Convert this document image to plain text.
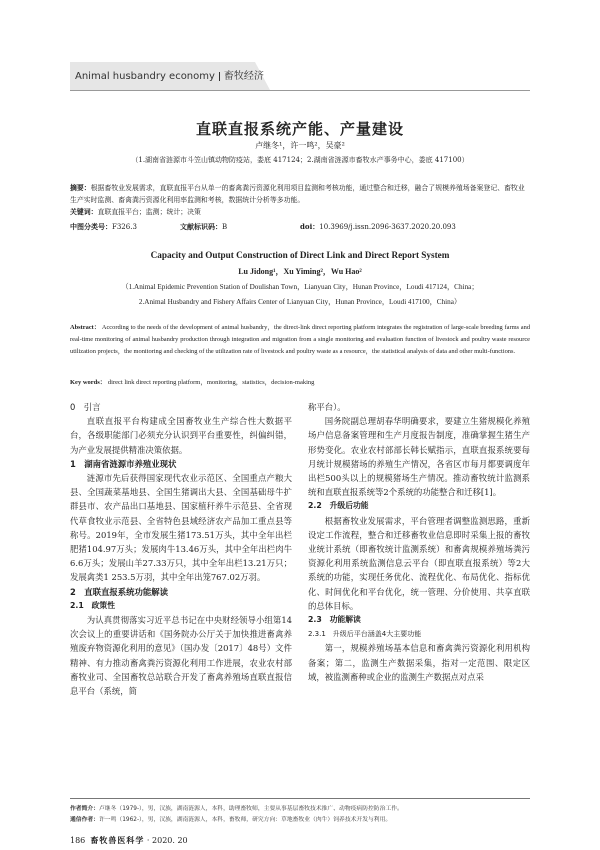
Animal husbandry economy 畜牧经济
直联直报系统产能、产量建设
卢继冬¹，许一鸣²，吴豪²
（1.湖南省涟源市斗笠山镇动物防疫站，娄底 417124；2.湖南省涟源市畜牧水产事务中心，娄底 417100）
摘要：根据畜牧业发展需求，直联直报平台从单一的畜禽粪污资源化利用项目监测和考核功能，通过整合和迁移，融合了规模养殖场备案登记、畜牧业生产实时监测、畜禽粪污资源化利用率监测和考核，数据统计分析等多功能。
关键词：直联直报平台；监测；统计；决策
中图分类号：F326.3	文献标识码：B	doi：10.3969/j.issn.2096-3637.2020.20.093
Capacity and Output Construction of Direct Link and Direct Report System
Lu Jidong¹，Xu Yiming²，Wu Hao²
（1.Animal Epidemic Prevention Station of Doulishan Town，Lianyuan City，Hunan Province，Loudi 417124，China；
2.Animal Husbandry and Fishery Affairs Center of Lianyuan City，Hunan Province，Loudi 417100，China）
Abstract： According to the needs of the development of animal husbandry，the direct-link direct reporting platform integrates the registration of large-scale breeding farms and real-time monitoring of animal husbandry production through integration and migration from a single monitoring and evaluation function of livestock and poultry waste resource utilization projects，the monitoring and checking of the utilization rate of livestock and poultry waste as a resource，the statistical analysis of data and other multi-functions.
Key words： direct link direct reporting platform，monitoring，statistics，decision-making
0　引言

直联直报平台构建成全国畜牧业生产综合性大数据平台，各级职能部门必须充分认识到平台重要性，纠偏纠错，为产业发展提供精准决策依据。

1　湖南省涟源市养殖业现状

涟源市先后获得国家现代农业示范区、全国重点产粮大县、全国蔬菜基地县、全国生猪调出大县、全国基础母牛扩群县市、农产品出口基地县、国家植秆养牛示范县、全省现代草食牧业示范县、全省特色县域经济农产品加工重点县等称号。2019年，全市发展生猪173.51万头，其中全年出栏肥猪104.97万头；发展肉牛13.46万头，其中全年出栏肉牛6.6万头；发展山羊27.33万只，其中全年出栏13.21万只；发展禽类1 253.5万羽，其中全年出笼767.02万羽。

2　直联直报系统功能解读
2.1　政策性

为认真贯彻落实习近平总书记在中央财经领导小组第14次会议上的重要讲话和《国务院办公厅关于加快推进畜禽养殖废弃物资源化利用的意见》（国办发〔2017〕48号）文件精神、有力推动畜禽粪污资源化利用工作进展，农业农村部畜牧业司、全国畜牧总站联合开发了畜禽养殖场直联直报信息平台（系统，简

称平台）。

国务院副总理胡春华明确要求，要建立生猪规模化养殖场户信息备案管理和生产月度报告制度，准确掌握生猪生产形势变化。农业农村部部长韩长赋指示，直联直报系统要每月统计规模猪场的养殖生产情况，各省区市每月都要调度年出栏500头以上的规模猪场生产情况。推动畜牧统计监测系统和直联直报系统等2个系统的功能整合和迁移[1]。

2.2　升级后功能

根据畜牧业发展需求，平台管理者调整监测思路，重新设定工作流程，整合和迁移畜牧业信息即时采集上报的畜牧业统计系统（即畜牧统计监测系统）和畜禽规模养殖场粪污资源化利用系统监测信息云平台（即直联直报系统）等2大系统的功能，实现任务优化、流程优化、布局优化、指标优化、时间优化和平台优化，统一管理、分价使用、共享直联的总体目标。

2.3　功能解读
2.3.1　升级后平台涵盖4大主要功能

第一，规模养殖场基本信息和畜禽粪污资源化利用机构备案；第二，监测生产数据采集，指对一定范围、限定区域，被监测畜种或企业的监测生产数据点对点采

作者简介：卢继冬（1979-），男，汉族，湖南涟源人，本科，助理畜牧师，主要从事基层畜牧技术推广、动物疫病防控防治工作。
通信作者：许一鸣（1962-），男，汉族，湖南涟源人，本科，畜牧师，研究方向：草地畜牧业（肉牛）饲养技术开发与利用。
186 畜牧兽医科学 · 2020. 20
